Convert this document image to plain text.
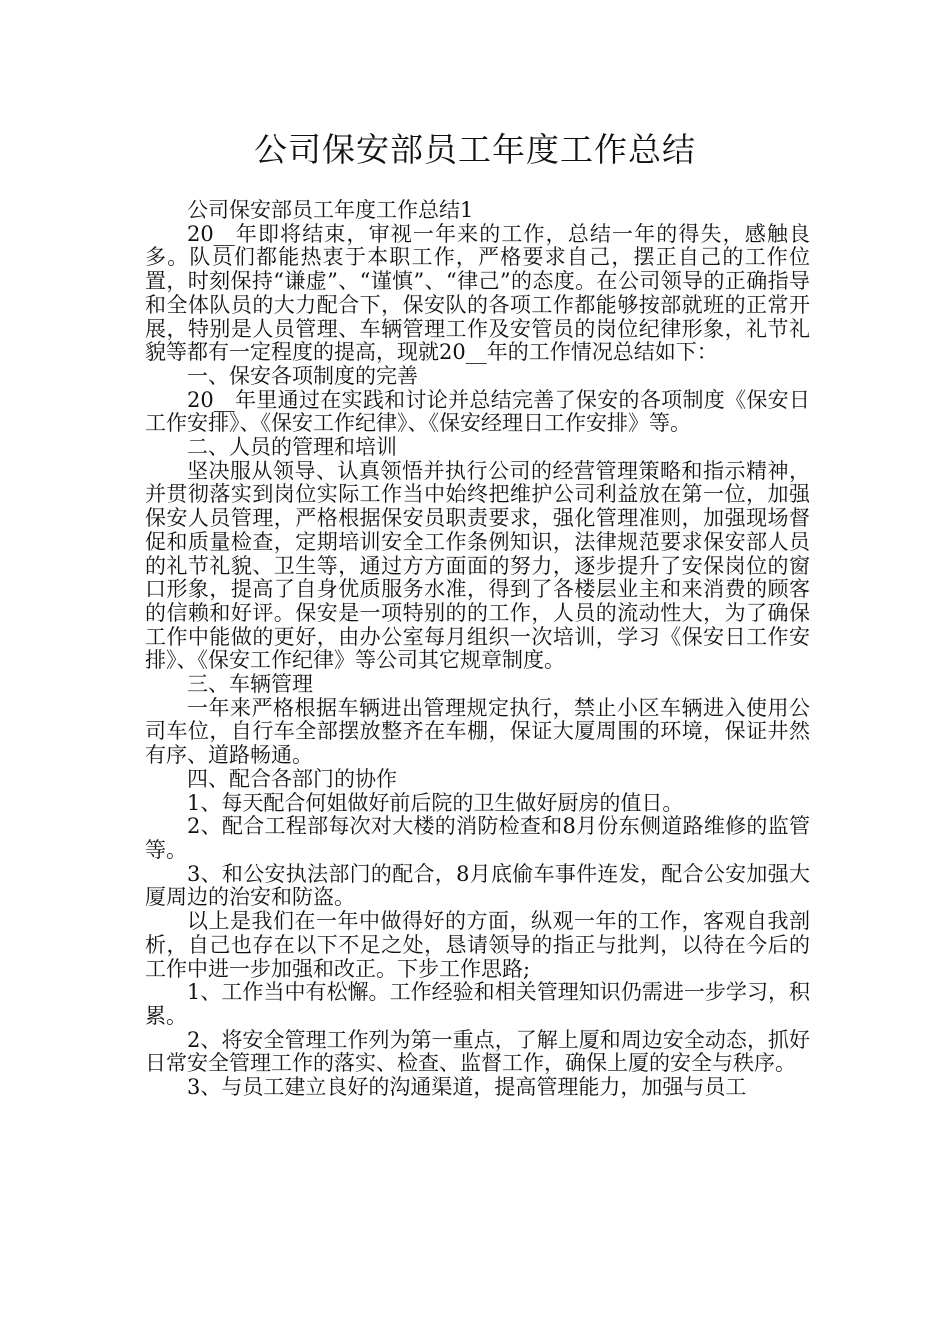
公司保安部员工年度工作总结

公司保安部员工年度工作总结1

20__年即将结束，审视一年来的工作，总结一年的得失，感触良多。队员们都能热衷于本职工作，严格要求自己，摆正自己的工作位置，时刻保持“谦虚”、“谨慎”、“律己”的态度。在公司领导的正确指导和全体队员的大力配合下，保安队的各项工作都能够按部就班的正常开展，特别是人员管理、车辆管理工作及安管员的岗位纪律形象，礼节礼貌等都有一定程度的提高，现就20__年的工作情况总结如下：

一、保安各项制度的完善

20__年里通过在实践和讨论并总结完善了保安的各项制度《保安日工作安排》、《保安工作纪律》、《保安经理日工作安排》等。

二、人员的管理和培训

坚决服从领导、认真领悟并执行公司的经营管理策略和指示精神，并贯彻落实到岗位实际工作当中始终把维护公司利益放在第一位，加强保安人员管理，严格根据保安员职责要求，强化管理准则，加强现场督促和质量检查，定期培训安全工作条例知识，法律规范要求保安部人员的礼节礼貌、卫生等，通过方方面面的努力，逐步提升了安保岗位的窗口形象，提高了自身优质服务水准，得到了各楼层业主和来消费的顾客的信赖和好评。保安是一项特别的的工作，人员的流动性大，为了确保工作中能做的更好，由办公室每月组织一次培训，学习《保安日工作安排》、《保安工作纪律》等公司其它规章制度。

三、车辆管理

一年来严格根据车辆进出管理规定执行，禁止小区车辆进入使用公司车位，自行车全部摆放整齐在车棚，保证大厦周围的环境，保证井然有序、道路畅通。

四、配合各部门的协作

1、每天配合何姐做好前后院的卫生做好厨房的值日。

2、配合工程部每次对大楼的消防检查和8月份东侧道路维修的监管等。

3、和公安执法部门的配合，8月底偷车事件连发，配合公安加强大厦周边的治安和防盗。

以上是我们在一年中做得好的方面，纵观一年的工作，客观自我剖析，自己也存在以下不足之处，恳请领导的指正与批判，以待在今后的工作中进一步加强和改正。下步工作思路;

1、工作当中有松懈。工作经验和相关管理知识仍需进一步学习，积累。

2、将安全管理工作列为第一重点，了解上厦和周边安全动态，抓好日常安全管理工作的落实、检查、监督工作，确保上厦的安全与秩序。

3、与员工建立良好的沟通渠道，提高管理能力，加强与员工
